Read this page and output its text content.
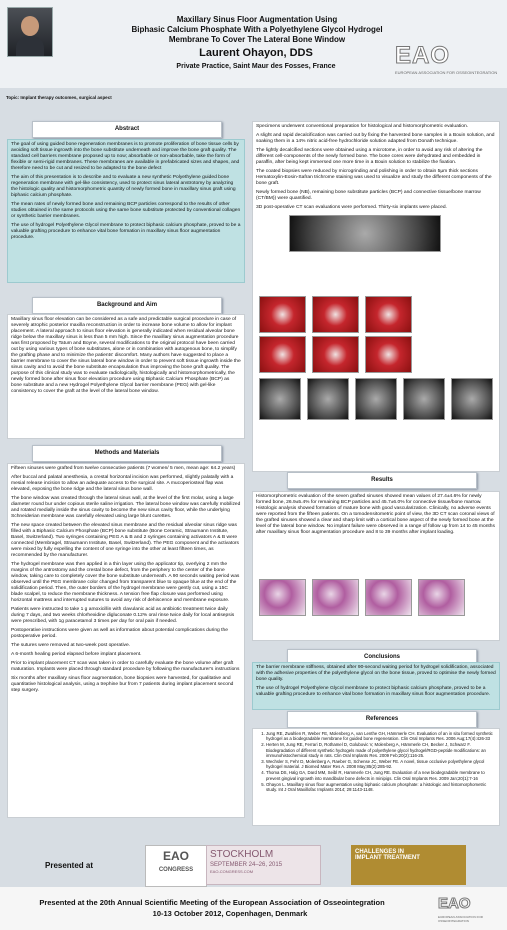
Maxillary Sinus Floor Augmentation Using
Biphasic Calcium Phosphate With a Polyethylene Glycol Hydrogel
Membrane To Cover The Lateral Bone Window
Laurent Ohayon, DDS
Private Practice, Saint Maur des Fosses, France	EAO
EUROPEAN ASSOCIATION FOR OSSEOINTEGRATION
Topic: Implant therapy outcomes, surgical aspect
Abstract

The goal of using guided bone regeneration membranes is to promote proliferation of bone tissue cells by avoiding soft tissue ingrowth into the bone substitute underneath and improve the bone graft quality. The standard cell barriers membrane proposed up to now; absorbable or non-absorbable, take the form of flexible or semi-rigid membranes. These membranes are available in prefabricated sizes and shapes, and therefore need to be cut and resized to be adapted to the bone defect

The aim of this presentation is to describe and to evaluate a new synthetic Polyethylene guided bone regeneration membrane with gel-like consistency, used to protect sinus lateral anstrotomy by analyzing the histologic quality and histomorphometric quantity of newly formed bone in maxillary sinus graft using biphasic calcium phosphate.

The mean rates of newly formed bone and remaining BCP particles correspond to the results of other studies obtained in the same protocols using the same bone substitute protected by conventional collagen or synthetic barrier membranes.

The use of hydrogel Polyethylene Glycol membrane to protect biphasic calcium phosphate, proved to be a valuable grafting procedure to enhance vital bone formation in maxillary sinus floor augmentation procedure.

Background and Aim

Maxillary sinus floor elevation can be considered as a safe and predictable surgical procedure in case of severely atrophic posterior maxilla reconstruction in order to increase bone volume to allow for implant placement. A lateral approach to sinus floor elevation is generally indicated when residual alveolar bone ridge below the maxillary sinus is less than 5 mm high. Since the maxillary sinus augmentation procedure was first proposed by Tatum and Boyne, several modifications to the original protocol have been carried out by using various types of bone substitutes, alone or in combination with autogenous bone, to simplify the grafting phase and to minimize the patients' discomfort. Many authors have suggested to place a barrier membrane to cover the sinus lateral bone window in order to prevent soft tissue ingrowth inside the sinus cavity and to avoid the bone substitute encapsulation thus improving the bone graft quality. The purpose of this clinical study was to evaluate radiologically, histologically and histomorphometrically, the newly formed bone after sinus floor elevation procedure using Biphasic Calcium Phosphate (BCP) as bone substitute and a new Hydrogel Polyethylene Glycol barrier membrane (PEG) with gel-like consistency to cover the graft at the level of the lateral bone window.

Methods and Materials

Fifteen sinuses were grafted from twelve consecutive patients (7 women/ 5 men, mean age: 64.2 years)

After buccal and palatal anesthesia, a crestal horizontal incision was performed, slightly palatally with a mesial release incision to allow an adequate access to the surgical site. A mucoperiosteal flap was elevated, exposing the bone ridge and the lateral sinus bone wall.

The bone window was created through the lateral sinus wall, at the level of the first molar, using a large diameter round bur under copious sterile saline irrigation. The lateral bone window was carefully mobilized and rotated medially inside the sinus cavity to become the new sinus cavity floor, while the underlying Schneiderian membrane was carefully elevated using large blunt curettes.

The new space created between the elevated sinus membrane and the residual alveolar sinus ridge was filled with a Biphasic Calcium Phosphate (BCP) bone substitute (Bone Ceramic, Straumann Institute, Basel, Switzerland). Two syringes containing PEG A & B and 2 syringes containing activators A & B were connected (Membragel, Straumann Institute, Basel, Switzerland). The PEG component and the activators were mixed by fully expelling the content of one syringe into the other at least fifteen times, as recommended by the manufacturer.

The hydrogel membrane was then applied in a thin layer using the applicator tip, overlying 2 mm the margins of the antrostomy and the crestal bone defect, from the periphery to the center of the bone window, taking care to completely cover the bone substitute underneath. A 90 seconds waiting period was observed until the PEG membrane color changed from transparent blue to opaque blue at the end of the solidification period. Then, the outer borders of the hydrogel membrane were gently cut, using a 15C blade scalpel, to reduce the membrane thickness. A tension free flap closure was performed using horizontal mattress and interrupted sutures to avoid any risk of dehiscence and membrane exposure.

Patients were instructed to take 1 g amoxicillin with clavulanic acid as antibiotic treatment twice daily during 7 days, and two weeks chlorhexidine digluconate 0.12% oral rinse twice daily for local antisepsis were prescribed, with 1g paracetamol 3 times per day for oral pain if needed.

Postoperative instructions were given as well as information about potential complications during the postoperative period.

The sutures were removed at two-week post operative.

A 6-month healing period elapsed before implant placement.

Prior to implant placement CT scan was taken in order to carefully evaluate the bone volume after graft maturation. Implants were placed through standard procedure by following the manufacturer's instructions

Six months after maxillary sinus floor augmentation, bone biopsies were harvested, for qualitative and quantitative histological analysis, using a trephine bur from 7 patients during implant placement second step surgery.

Specimens underwent conventional preparation for histological and histomorphometric evaluation.

A slight and rapid decalcification was carried out by fixing the harvested bone samples in a Bouin solution, and soaking them in a 14% nitric acid-free hydrochloride solution adapted from Donath technique.

The lightly decalcified sections were obtained using a microtome, in order to avoid any risk of altering the different cell-components of the newly formed bone. The bone cores were dehydrated and embedded in paraffin, after being kept immersed one more time in a Bouin solution to stabilize the fixation.

The coated biopsies were reduced by microgrinding and polishing in order to obtain 5µm thick sections Hematoxylin-Eosin-Safran trichrome staining was used to visualize and study the different components of the bone graft.

Newly formed bone (NB), remaining bone substitute particles (BCP) and connective tissue/bone marrow (CT/BM)) were quantified.

3D post-operative CT scan evaluations were performed. Thirty-six implants were placed.

Results

Histomorphometric evaluation of the seven grafted sinuses showed mean values of 27.4±4.6% for newly formed bone, 26.9±5.4% for remaining BCP particles and 45.7±6.0% for connective tissue/bone marrow. Histologic analysis showed formation of mature bone with good vascularization. Clinically, no adverse events were reported from the fifteen patients. On a tomodensitometric point of view, the 3D CT scan coronal views of the grafted sinuses showed a clear and sharp limit with a cortical bone aspect of the newly formed bone at the level of the lateral bone window. No implant failure were observed in a range of follow up from 14 to 45 months after maxillary sinus floor augmentation procedure and 8 to 39 months after implant loading.

Conclusions

The barrier membrane stiffness, obtained after 90-second waiting period for hydrogel solidification, associated with the adhesive properties of the polyethylene glycol on the bone tissue, proved to optimise the newly formed bone quality.

The use of hydrogel Polyethylene Glycol membrane to protect biphasic calcium phosphate, proved to be a valuable grafting procedure to enhance vital bone formation in maxillary sinus floor augmentation procedure.

References
1. Jung RE, Zwahlen R, Weber FE, Molenberg A, van Lenthe GH, Hämmerle CH. Evaluation of an in situ formed synthetic hydrogel as a biodegradable membrane for guided bone regeneration. Clin Oral Implants Res. 2006 Aug;17(4):426-33
2. Herten M, Jung RE, Ferrari D, Rothamel D, Golubovic V, Molenberg A, Hämmerle CH, Becker J, Schwarz F. Biodegradation of different synthetic hydrogels made of polyethylene glycol hydrogel/RGD-peptide modifications: an immunohistochemical study in rats. Clin Oral Implants Res. 2009 Feb;20(2):116-25.
3. Wechsler S, Fehr D, Molenberg A, Raeber G, Schense JC, Weber FE. A novel, tissue occlusive polyethylene glycol hydrogel material. J Biomed Mater Res A. 2008 May;85(2):285-92.
4. Thoma DS, Halg GA, Dard MM, Seibl R, Hammerle CH, Jung RE. Evaluation of a new biodegradable membrane to prevent gingival ingrowth into mandibular bone defects in minipigs. Clin Oral Implants Res. 2009 Jan;20(1):7-16
5. Ohayon L. Maxillary sinus floor augmentation using biphasic calcium phosphate: a histologic and histomorphometric study. Int J Oral Maxillofac Implants 2014; 29:1143-1148.
Presented at
EAO
CONGRESS
STOCKHOLM
SEPTEMBER 24–26, 2015
EAO-CONGRESS.COM
CHALLENGES IN
IMPLANT TREATMENT
Presented at the 20th Annual Scientific Meeting of the European Association of Osseointegration
10-13 October 2012, Copenhagen, Denmark
EAO
EUROPEAN ASSOCIATION FOR OSSEOINTEGRATION
